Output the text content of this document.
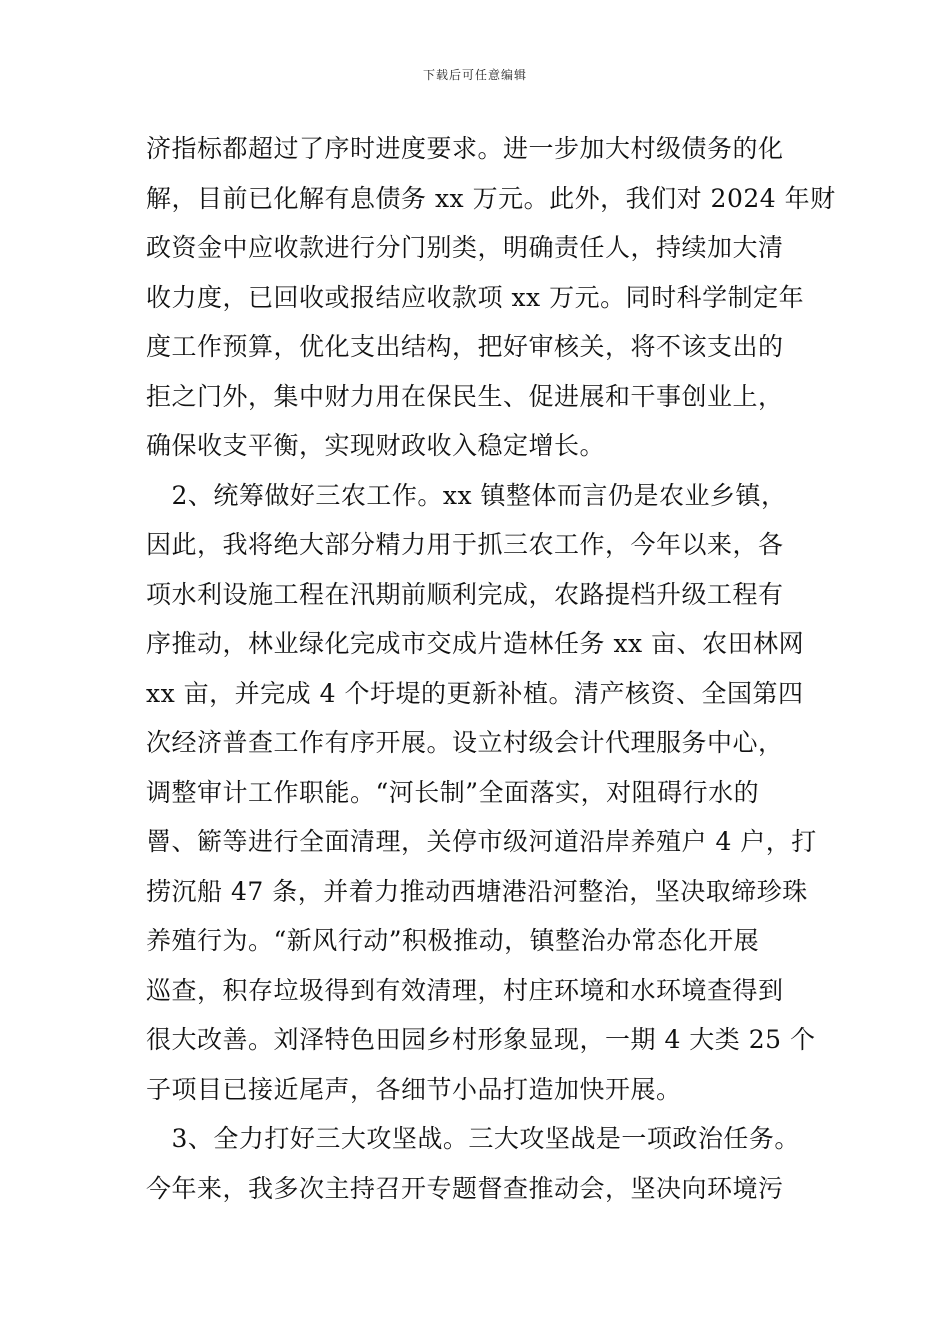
下载后可任意编辑
济指标都超过了序时进度要求。进一步加大村级债务的化
解，目前已化解有息债务 xx 万元。此外，我们对 2024 年财
政资金中应收款进行分门别类，明确责任人，持续加大清
收力度，已回收或报结应收款项 xx 万元。同时科学制定年
度工作预算，优化支出结构，把好审核关，将不该支出的
拒之门外，集中财力用在保民生、促进展和干事创业上，
确保收支平衡，实现财政收入稳定增长。
　2、统筹做好三农工作。xx 镇整体而言仍是农业乡镇，
因此，我将绝大部分精力用于抓三农工作，今年以来，各
项水利设施工程在汛期前顺利完成，农路提档升级工程有
序推动，林业绿化完成市交成片造林任务 xx 亩、农田林网
xx 亩，并完成 4 个圩堤的更新补植。清产核资、全国第四
次经济普查工作有序开展。设立村级会计代理服务中心，
调整审计工作职能。“河长制”全面落实，对阻碍行水的
罾、簖等进行全面清理，关停市级河道沿岸养殖户 4 户，打
捞沉船 47 条，并着力推动西塘港沿河整治，坚决取缔珍珠
养殖行为。“新风行动”积极推动，镇整治办常态化开展
巡查，积存垃圾得到有效清理，村庄环境和水环境查得到
很大改善。刘泽特色田园乡村形象显现，一期 4 大类 25 个
子项目已接近尾声，各细节小品打造加快开展。
　3、全力打好三大攻坚战。三大攻坚战是一项政治任务。
今年来，我多次主持召开专题督查推动会，坚决向环境污
